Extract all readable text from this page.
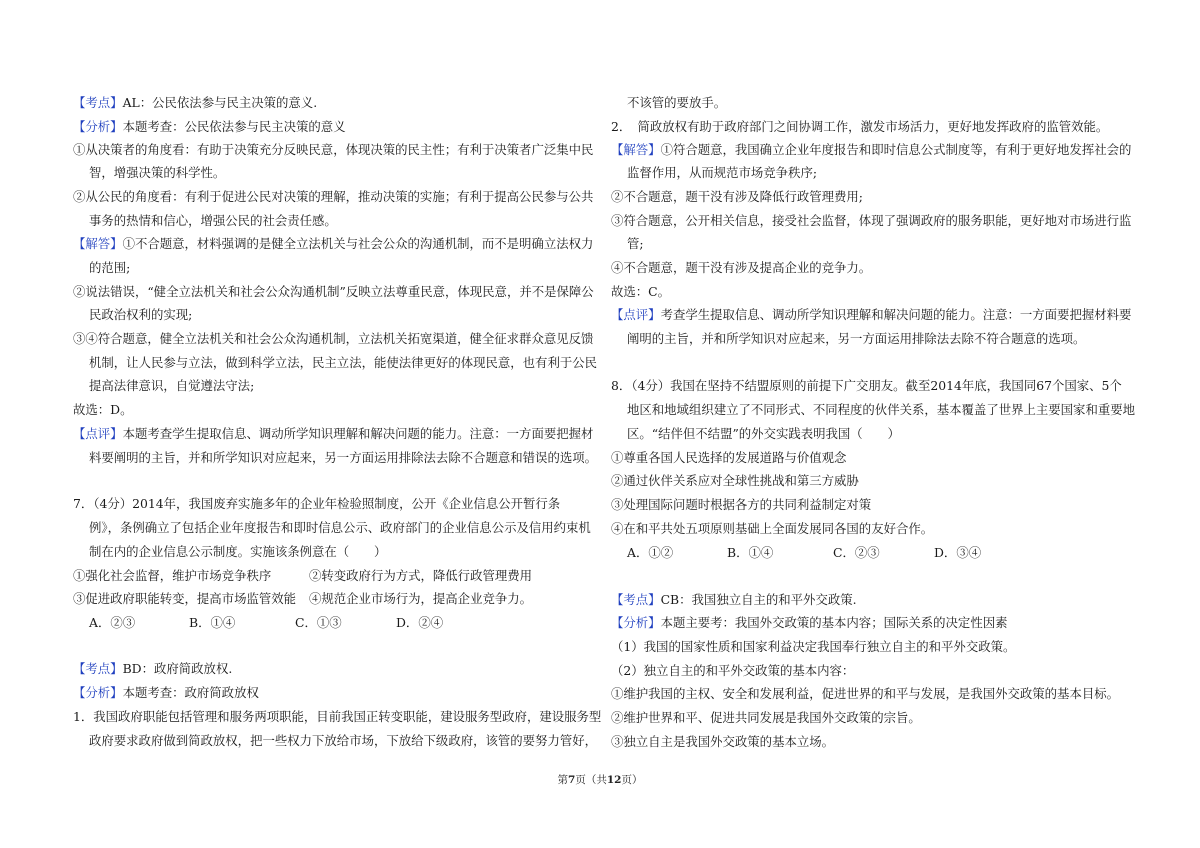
【考点】AL：公民依法参与民主决策的意义.
【分析】本题考查：公民依法参与民主决策的意义
①从决策者的角度看：有助于决策充分反映民意，体现决策的民主性；有利于决策者广泛集中民
智，增强决策的科学性。
②从公民的角度看：有利于促进公民对决策的理解，推动决策的实施；有利于提高公民参与公共
事务的热情和信心，增强公民的社会责任感。
【解答】①不合题意，材料强调的是健全立法机关与社会公众的沟通机制，而不是明确立法权力
的范围;
②说法错误，“健全立法机关和社会公众沟通机制”反映立法尊重民意，体现民意，并不是保障公
民政治权利的实现;
③④符合题意，健全立法机关和社会公众沟通机制，立法机关拓宽渠道，健全征求群众意见反馈
机制，让人民参与立法，做到科学立法，民主立法，能使法律更好的体现民意，也有利于公民
提高法律意识，自觉遵法守法;
故选：D。
【点评】本题考查学生提取信息、调动所学知识理解和解决问题的能力。注意：一方面要把握材
料要阐明的主旨，并和所学知识对应起来，另一方面运用排除法去除不合题意和错误的选项。
7．（4分）2014年，我国废弃实施多年的企业年检验照制度，公开《企业信息公开暂行条
例》，条例确立了包括企业年度报告和即时信息公示、政府部门的企业信息公示及信用约束机
制在内的企业信息公示制度。实施该条例意在（　　）
①强化社会监督，维护市场竞争秩序	②转变政府行为方式，降低行政管理费用
③促进政府职能转变，提高市场监管效能 ④规范企业市场行为，提高企业竞争力。
A．②③	B．①④	C．①③	D．②④
【考点】BD：政府简政放权.
【分析】本题考查：政府简政放权
1．我国政府职能包括管理和服务两项职能，目前我国正转变职能，建设服务型政府，建设服务型
政府要求政府做到简政放权，把一些权力下放给市场，下放给下级政府，该管的要努力管好，
不该管的要放手。
2．　简政放权有助于政府部门之间协调工作，激发市场活力，更好地发挥政府的监管效能。
【解答】①符合题意，我国确立企业年度报告和即时信息公式制度等，有利于更好地发挥社会的
监督作用，从而规范市场竞争秩序;
②不合题意，题干没有涉及降低行政管理费用;
③符合题意，公开相关信息，接受社会监督，体现了强调政府的服务职能，更好地对市场进行监
管;
④不合题意，题干没有涉及提高企业的竞争力。
故选：C。
【点评】考查学生提取信息、调动所学知识理解和解决问题的能力。注意：一方面要把握材料要
阐明的主旨，并和所学知识对应起来，另一方面运用排除法去除不符合题意的选项。
8．（4分）我国在坚持不结盟原则的前提下广交朋友。截至2014年底，我国同67个国家、5个
地区和地域组织建立了不同形式、不同程度的伙伴关系，基本覆盖了世界上主要国家和重要地
区。“结伴但不结盟”的外交实践表明我国（　　）
①尊重各国人民选择的发展道路与价值观念
②通过伙伴关系应对全球性挑战和第三方威胁
③处理国际问题时根据各方的共同利益制定对策
④在和平共处五项原则基础上全面发展同各国的友好合作。
A．①②	B．①④	C．②③	D．③④
【考点】CB：我国独立自主的和平外交政策.
【分析】本题主要考：我国外交政策的基本内容；国际关系的决定性因素
（1）我国的国家性质和国家利益决定我国奉行独立自主的和平外交政策。
（2）独立自主的和平外交政策的基本内容：
①维护我国的主权、安全和发展利益，促进世界的和平与发展，是我国外交政策的基本目标。
②维护世界和平、促进共同发展是我国外交政策的宗旨。
③独立自主是我国外交政策的基本立场。
第7页（共12页）
